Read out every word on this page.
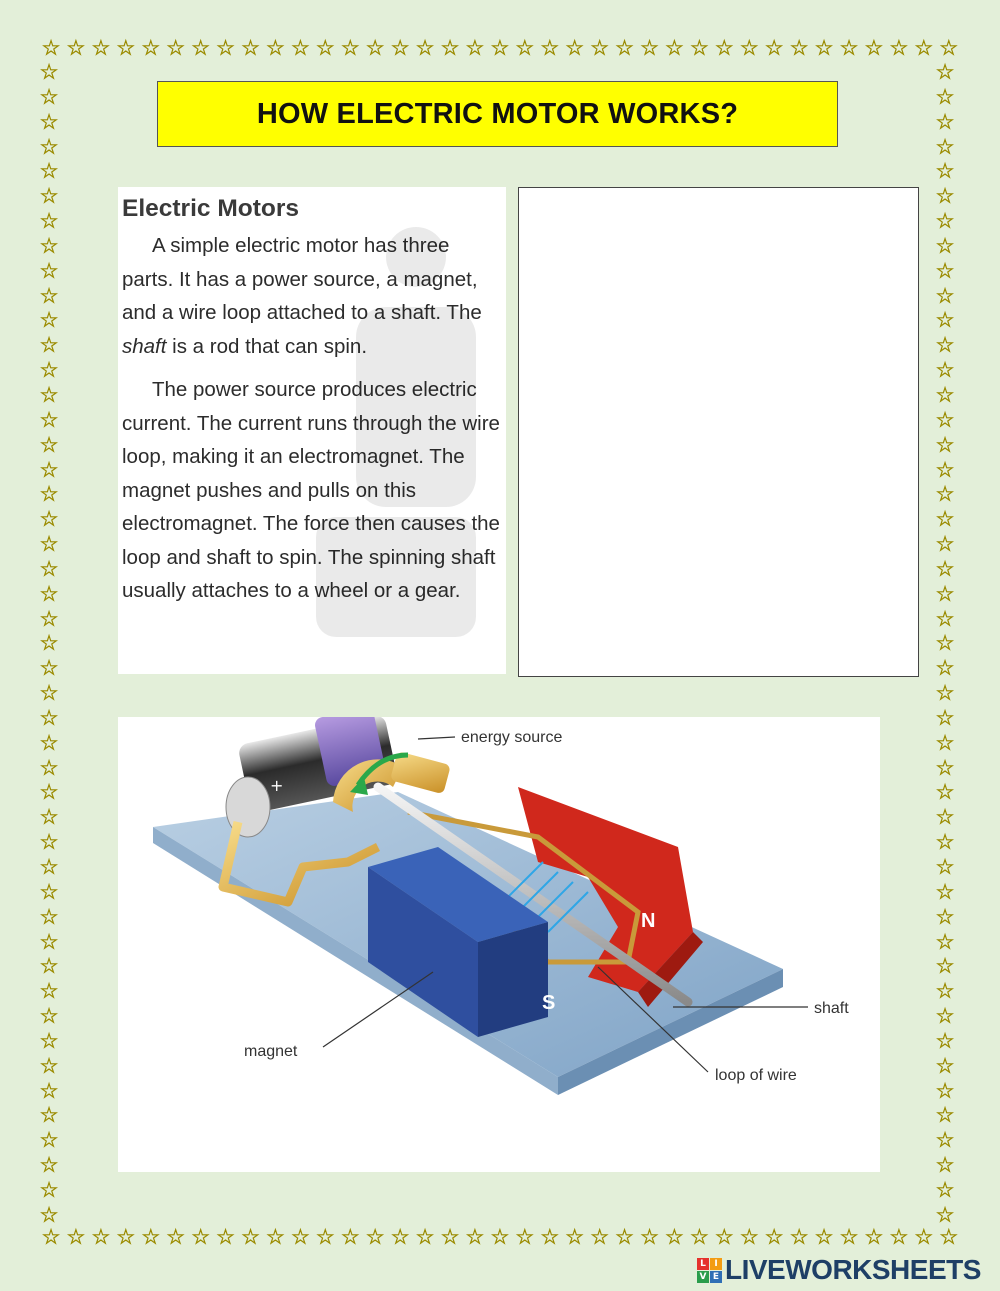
☆ ☆ ☆ ☆ ☆ ☆ ☆ ☆ ☆ ☆ ☆ ☆ ☆ ☆ ☆ ☆ ☆ ☆ ☆ ☆ ☆ ☆ ☆ ☆ ☆ ☆ ☆ ☆ ☆ ☆ ☆ ☆ ☆ ☆ ☆ ☆ ☆
☆ ☆ ☆ ☆ ☆ ☆ ☆ ☆ ☆ ☆ ☆ ☆ ☆ ☆ ☆ ☆ ☆ ☆ ☆ ☆ ☆ ☆ ☆ ☆ ☆ ☆ ☆ ☆ ☆ ☆ ☆ ☆ ☆ ☆ ☆ ☆ ☆
☆
☆
☆
☆
☆
☆
☆
☆
☆
☆
☆
☆
☆
☆
☆
☆
☆
☆
☆
☆
☆
☆
☆
☆
☆
☆
☆
☆
☆
☆
☆
☆
☆
☆
☆
☆
☆
☆
☆
☆
☆
☆
☆
☆
☆
☆
☆
☆
☆
☆
☆
☆
☆
☆
☆
☆
☆
☆
☆
☆
☆
☆
☆
☆
☆
☆
☆
☆
☆
☆
☆
☆
☆
☆
☆
☆
☆
☆
☆
☆
☆
☆
☆
☆
☆
☆
☆
☆
☆
☆
☆
☆
☆
☆
HOW ELECTRIC MOTOR WORKS?
Electric Motors

A simple electric motor has three parts. It has a power source, a magnet, and a wire loop attached to a shaft. The shaft is a rod that can spin.

The power source produces electric current. The current runs through the wire loop, making it an electromagnet. The magnet pushes and pulls on this electromagnet. The force then causes the loop and shaft to spin. The spinning shaft usually attaches to a wheel or a gear.

N
S
+
−	energy source
shaft
magnet
loop of wire
L I
V E LIVEWORKSHEETS
